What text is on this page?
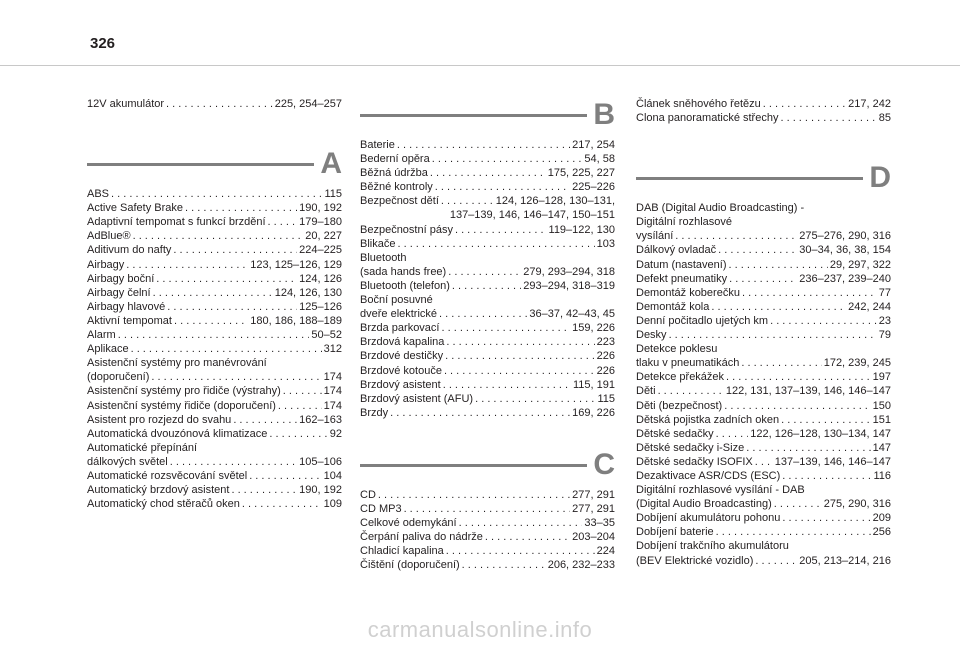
326
12V akumulátor . . .	225, 254–257
A
ABS . . .	115
Active Safety Brake . . .	190, 192
Adaptivní tempomat s funkcí brzdění . . .	179–180
AdBlue® . . .	20, 227
Aditivum do nafty . . .	224–225
Airbagy . . .	123, 125–126, 129
Airbagy boční . . .	124, 126
Airbagy čelní . . .	124, 126, 130
Airbagy hlavové . . .	125–126
Aktivní tempomat . . .	180, 186, 188–189
Alarm . . .	50–52
Aplikace . . .	312
Asistenční systémy pro manévrování
(doporučení) . . .	174
Asistenční systémy pro řidiče (výstrahy) . . .	174
Asistenční systémy řidiče (doporučení) . . .	174
Asistent pro rozjezd do svahu . . .	162–163
Automatická dvouzónová klimatizace . . .	92
Automatické přepínání
dálkových světel . . .	105–106
Automatické rozsvěcování světel . . .	104
Automatický brzdový asistent . . .	190, 192
Automatický chod stěračů oken . . .	109
B
Baterie . . .	217, 254
Bederní opěra . . .	54, 58
Běžná údržba . . .	175, 225, 227
Běžné kontroly . . .	225–226
Bezpečnost dětí . . .	124, 126–128, 130–131,
137–139, 146, 146–147, 150–151
Bezpečnostní pásy . . .	119–122, 130
Blikače . . .	103
Bluetooth
(sada hands free) . . .	279, 293–294, 318
Bluetooth (telefon) . . .	293–294, 318–319
Boční posuvné
dveře elektrické . . .	36–37, 42–43, 45
Brzda parkovací . . .	159, 226
Brzdová kapalina . . .	223
Brzdové destičky . . .	226
Brzdové kotouče . . .	226
Brzdový asistent . . .	115, 191
Brzdový asistent (AFU) . . .	115
Brzdy . . .	169, 226
C
CD . . .	277, 291
CD MP3 . . .	277, 291
Celkové odemykání . . .	33–35
Čerpání paliva do nádrže . . .	203–204
Chladicí kapalina . . .	224
Čištění (doporučení) . . .	206, 232–233
Článek sněhového řetězu . . .	217, 242
Clona panoramatické střechy . . .	85
D
DAB (Digital Audio Broadcasting) -
Digitální rozhlasové
vysílání . . .	275–276, 290, 316
Dálkový ovladač . . .	30–34, 36, 38, 154
Datum (nastavení) . . .	29, 297, 322
Defekt pneumatiky . . .	236–237, 239–240
Demontáž koberečku . . .	77
Demontáž kola . . .	242, 244
Denní počitadlo ujetých km . . .	23
Desky . . .	79
Detekce poklesu
tlaku v pneumatikách . . .	172, 239, 245
Detekce překážek . . .	197
Děti . . .	122, 131, 137–139, 146, 146–147
Děti (bezpečnost) . . .	150
Dětská pojistka zadních oken . . .	151
Dětské sedačky . . .	122, 126–128, 130–134, 147
Dětské sedačky i-Size . . .	147
Dětské sedačky ISOFIX . . . 137–139, 146, 146–147
Dezaktivace ASR/CDS (ESC) . . .	116
Digitální rozhlasové vysílání - DAB
(Digital Audio Broadcasting) . . .	275, 290, 316
Dobíjení akumulátoru pohonu . . .	209
Dobíjení baterie . . .	256
Dobíjení trakčního akumulátoru
(BEV Elektrické vozidlo) . . .	205, 213–214, 216
carmanualsonline.info
